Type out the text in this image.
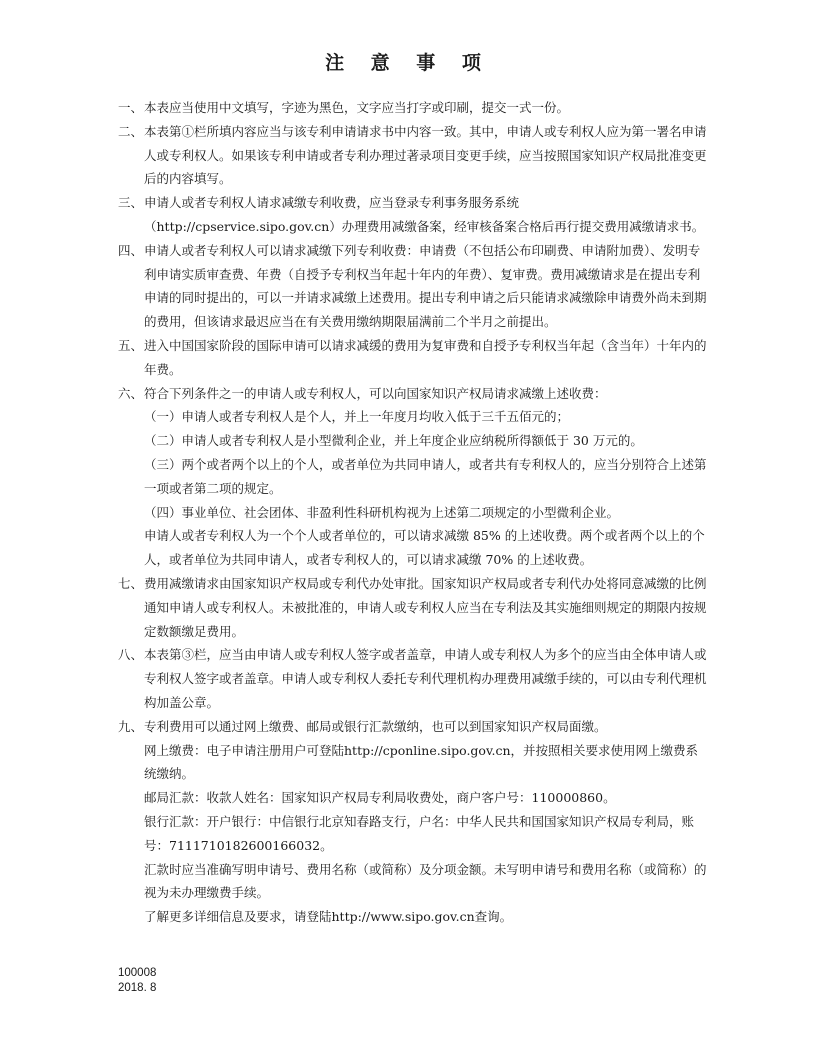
注 意 事 项
一、 本表应当使用中文填写，字迹为黑色，文字应当打字或印刷，提交一式一份。
二、 本表第①栏所填内容应当与该专利申请请求书中内容一致。其中，申请人或专利权人应为第一署名申请人或专利权人。如果该专利申请或者专利办理过著录项目变更手续，应当按照国家知识产权局批准变更后的内容填写。
三、 申请人或者专利权人请求减缴专利收费，应当登录专利事务服务系统（http://cpservice.sipo.gov.cn）办理费用减缴备案，经审核备案合格后再行提交费用减缴请求书。
四、 申请人或者专利权人可以请求减缴下列专利收费：申请费（不包括公布印刷费、申请附加费）、发明专利申请实质审查费、年费（自授予专利权当年起十年内的年费）、复审费。费用减缴请求是在提出专利申请的同时提出的，可以一并请求减缴上述费用。提出专利申请之后只能请求减缴除申请费外尚未到期的费用，但该请求最迟应当在有关费用缴纳期限届满前二个半月之前提出。
五、 进入中国国家阶段的国际申请可以请求减缓的费用为复审费和自授予专利权当年起（含当年）十年内的年费。
六、 符合下列条件之一的申请人或专利权人，可以向国家知识产权局请求减缴上述收费：
（一）申请人或者专利权人是个人，并上一年度月均收入低于三千五佰元的；
（二）申请人或者专利权人是小型微利企业，并上年度企业应纳税所得额低于 30 万元的。
（三）两个或者两个以上的个人，或者单位为共同申请人，或者共有专利权人的，应当分别符合上述第一项或者第二项的规定。
（四）事业单位、社会团体、非盈利性科研机构视为上述第二项规定的小型微利企业。
申请人或者专利权人为一个个人或者单位的，可以请求减缴 85% 的上述收费。两个或者两个以上的个人，或者单位为共同申请人，或者专利权人的，可以请求减缴 70% 的上述收费。
七、 费用减缴请求由国家知识产权局或专利代办处审批。国家知识产权局或者专利代办处将同意减缴的比例通知申请人或专利权人。未被批准的，申请人或专利权人应当在专利法及其实施细则规定的期限内按规定数额缴足费用。
八、 本表第③栏，应当由申请人或专利权人签字或者盖章，申请人或专利权人为多个的应当由全体申请人或专利权人签字或者盖章。申请人或专利权人委托专利代理机构办理费用减缴手续的，可以由专利代理机构加盖公章。
九、 专利费用可以通过网上缴费、邮局或银行汇款缴纳，也可以到国家知识产权局面缴。
网上缴费：电子申请注册用户可登陆http://cponline.sipo.gov.cn，并按照相关要求使用网上缴费系统缴纳。
邮局汇款：收款人姓名：国家知识产权局专利局收费处，商户客户号：110000860。
银行汇款：开户银行：中信银行北京知春路支行，户名：中华人民共和国国家知识产权局专利局，账号：7111710182600166032。
汇款时应当准确写明申请号、费用名称（或简称）及分项金额。未写明申请号和费用名称（或简称）的视为未办理缴费手续。
了解更多详细信息及要求，请登陆http://www.sipo.gov.cn查询。
100008
2018. 8
